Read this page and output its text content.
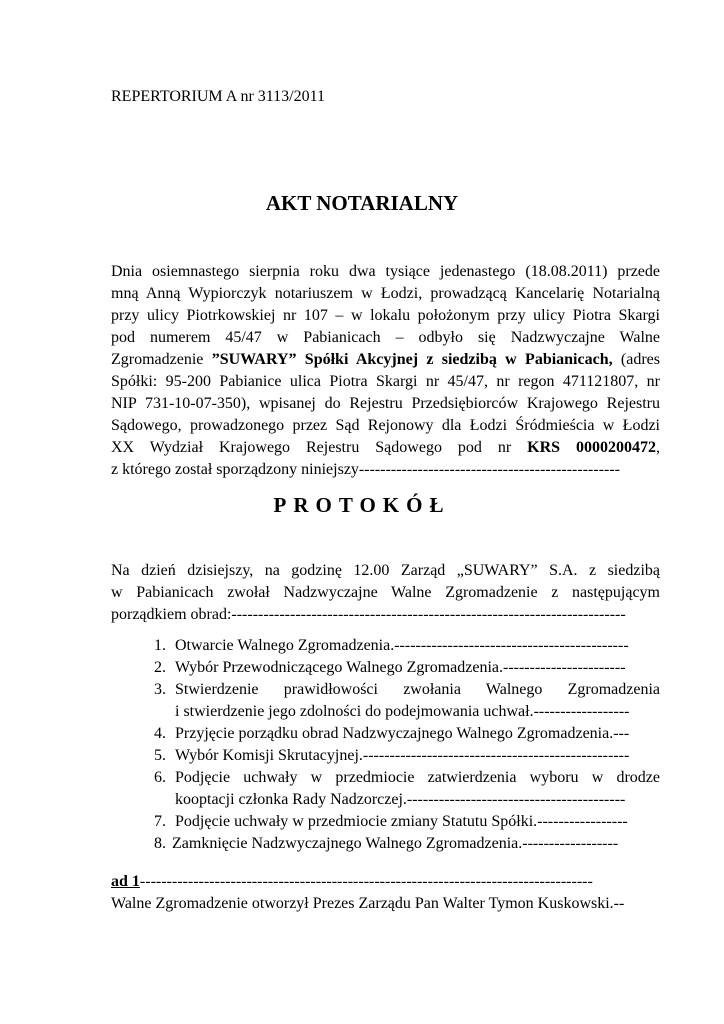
REPERTORIUM A nr 3113/2011
AKT NOTARIALNY
Dnia osiemnastego sierpnia roku dwa tysiące jedenastego (18.08.2011) przede
mną Anną Wypiorczyk notariuszem w Łodzi, prowadzącą Kancelarię Notarialną
przy ulicy Piotrkowskiej nr 107 – w lokalu położonym przy ulicy Piotra Skargi
pod numerem 45/47 w Pabianicach – odbyło się Nadzwyczajne Walne
Zgromadzenie ”SUWARY” Spółki Akcyjnej z siedzibą w Pabianicach, (adres
Spółki: 95-200 Pabianice ulica Piotra Skargi nr 45/47, nr regon 471121807, nr
NIP 731-10-07-350), wpisanej do Rejestru Przedsiębiorców Krajowego Rejestru
Sądowego, prowadzonego przez Sąd Rejonowy dla Łodzi Śródmieścia w Łodzi
XX Wydział Krajowego Rejestru Sądowego pod nr KRS 0000200472,
z którego został sporządzony niniejszy-------------------------------------------------
PROTOKÓŁ
Na dzień dzisiejszy, na godzinę 12.00 Zarząd „SUWARY” S.A. z siedzibą
w Pabianicach zwołał Nadzwyczajne Walne Zgromadzenie z następującym
porządkiem obrad:--------------------------------------------------------------------------
1. Otwarcie Walnego Zgromadzenia.--------------------------------------------
2. Wybór Przewodniczącego Walnego Zgromadzenia.-----------------------
3. Stwierdzenie prawidłowości zwołania Walnego Zgromadzenia
i stwierdzenie jego zdolności do podejmowania uchwał.------------------
4. Przyjęcie porządku obrad Nadzwyczajnego Walnego Zgromadzenia.---
5. Wybór Komisji Skrutacyjnej.--------------------------------------------------
6. Podjęcie uchwały w przedmiocie zatwierdzenia wyboru w drodze
kooptacji członka Rady Nadzorczej.-----------------------------------------
7. Podjęcie uchwały w przedmiocie zmiany Statutu Spółki.-----------------
8. Zamknięcie Nadzwyczajnego Walnego Zgromadzenia.------------------
ad 1-------------------------------------------------------------------------------------
Walne Zgromadzenie otworzył Prezes Zarządu Pan Walter Tymon Kuskowski.--
